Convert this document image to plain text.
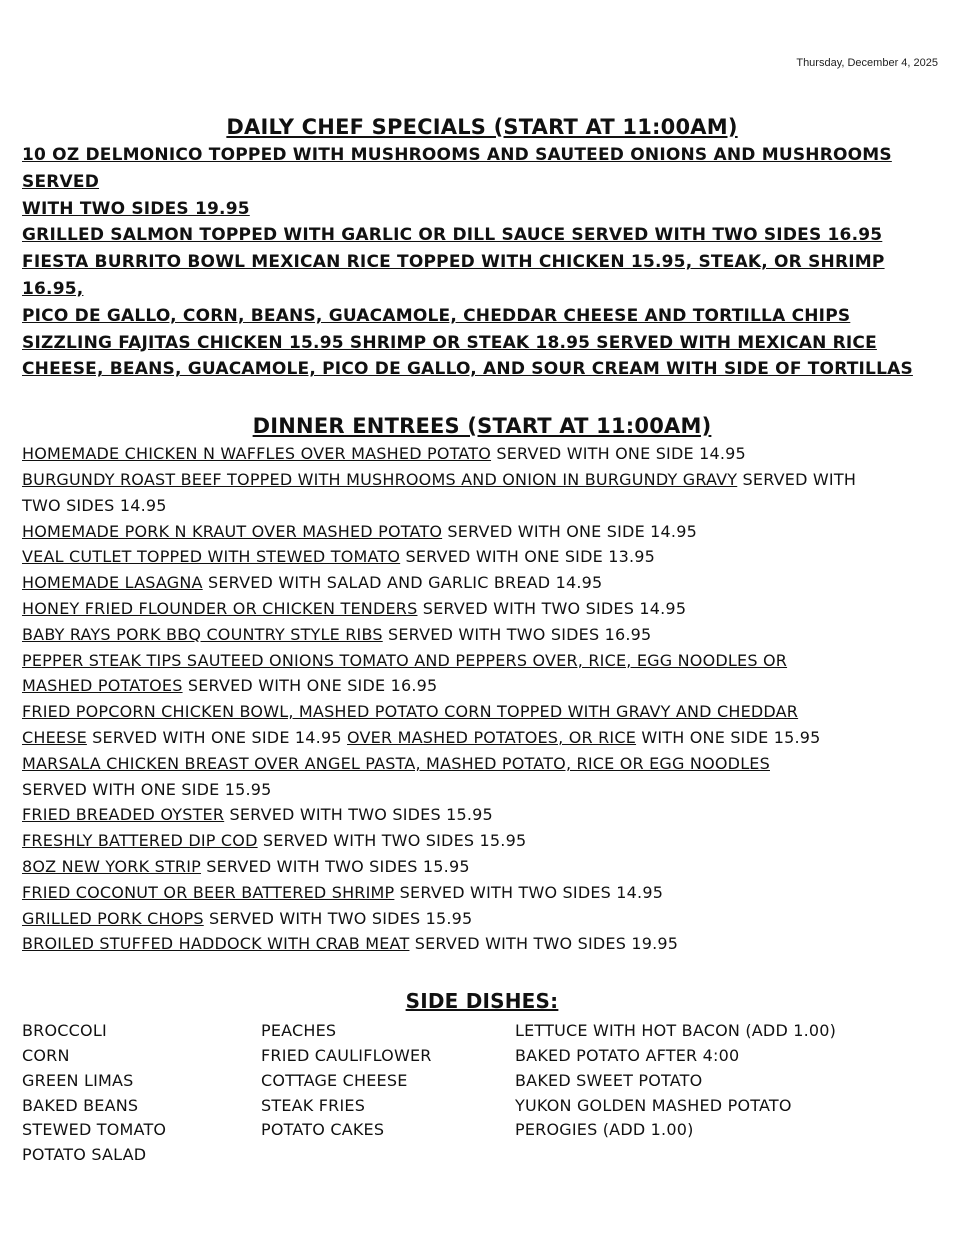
Thursday, December 4, 2025
DAILY CHEF SPECIALS (START AT 11:00AM)
10 OZ DELMONICO TOPPED WITH MUSHROOMS AND SAUTEED ONIONS AND MUSHROOMS SERVED
WITH TWO SIDES 19.95
GRILLED SALMON TOPPED WITH GARLIC OR DILL SAUCE SERVED WITH TWO SIDES 16.95
FIESTA BURRITO BOWL MEXICAN RICE TOPPED WITH CHICKEN 15.95, STEAK, OR SHRIMP 16.95,
PICO DE GALLO, CORN, BEANS, GUACAMOLE, CHEDDAR CHEESE AND TORTILLA CHIPS
SIZZLING FAJITAS CHICKEN 15.95 SHRIMP OR STEAK 18.95 SERVED WITH MEXICAN RICE
CHEESE, BEANS, GUACAMOLE, PICO DE GALLO, AND SOUR CREAM WITH SIDE OF TORTILLAS
DINNER ENTREES (START AT 11:00AM)
HOMEMADE CHICKEN N WAFFLES OVER MASHED POTATO SERVED WITH ONE SIDE 14.95
BURGUNDY ROAST BEEF TOPPED WITH MUSHROOMS AND ONION IN BURGUNDY GRAVY SERVED WITH
TWO SIDES 14.95
HOMEMADE PORK N KRAUT OVER MASHED POTATO SERVED WITH ONE SIDE 14.95
VEAL CUTLET TOPPED WITH STEWED TOMATO SERVED WITH ONE SIDE 13.95
HOMEMADE LASAGNA SERVED WITH SALAD AND GARLIC BREAD 14.95
HONEY FRIED FLOUNDER OR CHICKEN TENDERS SERVED WITH TWO SIDES 14.95
BABY RAYS PORK BBQ COUNTRY STYLE RIBS SERVED WITH TWO SIDES 16.95
PEPPER STEAK TIPS SAUTEED ONIONS TOMATO AND PEPPERS OVER, RICE, EGG NOODLES OR
MASHED POTATOES SERVED WITH ONE SIDE 16.95
FRIED POPCORN CHICKEN BOWL, MASHED POTATO CORN TOPPED WITH GRAVY AND CHEDDAR
CHEESE SERVED WITH ONE SIDE 14.95 OVER MASHED POTATOES, OR RICE WITH ONE SIDE 15.95
MARSALA CHICKEN BREAST OVER ANGEL PASTA, MASHED POTATO, RICE OR EGG NOODLES
SERVED WITH ONE SIDE 15.95
FRIED BREADED OYSTER SERVED WITH TWO SIDES 15.95
FRESHLY BATTERED DIP COD SERVED WITH TWO SIDES 15.95
8OZ NEW YORK STRIP SERVED WITH TWO SIDES 15.95
FRIED COCONUT OR BEER BATTERED SHRIMP SERVED WITH TWO SIDES 14.95
GRILLED PORK CHOPS SERVED WITH TWO SIDES 15.95
BROILED STUFFED HADDOCK WITH CRAB MEAT SERVED WITH TWO SIDES 19.95
SIDE DISHES:
BROCCOLI
CORN
GREEN LIMAS
BAKED BEANS
STEWED TOMATO
POTATO SALAD
PEACHES
FRIED CAULIFLOWER
COTTAGE CHEESE
STEAK FRIES
POTATO CAKES
LETTUCE WITH HOT BACON (ADD 1.00)
BAKED POTATO AFTER 4:00
BAKED SWEET POTATO
YUKON GOLDEN MASHED POTATO
PEROGIES (ADD 1.00)
